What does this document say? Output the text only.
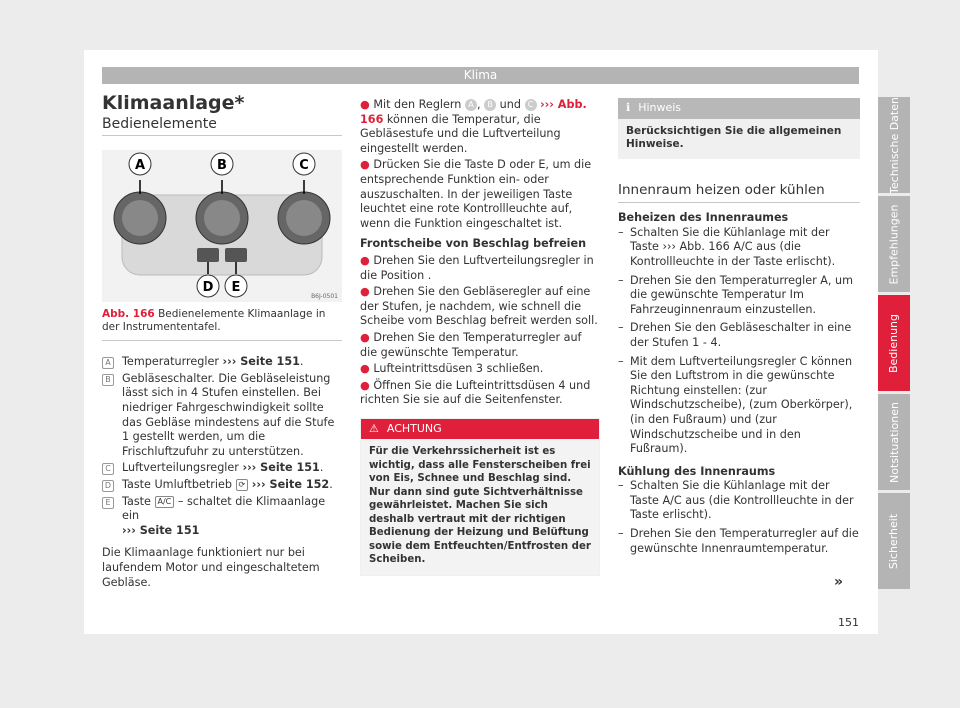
Klima
Klimaanlage*

Bedienelemente

A	B	C
D E
B6J-0501
Abb. 166 Bedienelemente Klimaanlage in der Instrumententafel.
A Temperaturregler ››› Seite 151.
B Gebläseschalter. Die Gebläseleistung lässt sich in 4 Stufen einstellen. Bei niedriger Fahrgeschwindigkeit sollte das Gebläse mindestens auf die Stufe 1 gestellt werden, um die Frischluftzufuhr zu unterstützen.
C Luftverteilungsregler ››› Seite 151.
D Taste Umluftbetrieb ⟳ ››› Seite 152.
E	Taste A/C – schaltet die Klimaanlage ein
››› Seite 151

Die Klimaanlage funktioniert nur bei laufendem Motor und eingeschaltetem Gebläse.

● Mit den Reglern A , B und C ››› Abb. 166 können die Temperatur, die Gebläsestufe und die Luftverteilung eingestellt werden.

● Drücken Sie die Taste D oder E, um die entsprechende Funktion ein- oder auszuschalten. In der jeweiligen Taste leuchtet eine rote Kontrollleuchte auf, wenn die Funktion eingeschaltet ist.

Frontscheibe von Beschlag befreien

● Drehen Sie den Luftverteilungsregler in die Position .

● Drehen Sie den Gebläseregler auf eine der Stufen, je nachdem, wie schnell die Scheibe vom Beschlag befreit werden soll.

● Drehen Sie den Temperaturregler auf die gewünschte Temperatur.

● Lufteintrittsdüsen 3 schließen.

● Öffnen Sie die Lufteintrittsdüsen 4 und richten Sie sie auf die Seitenfenster.

⚠ ACHTUNG
Für die Verkehrssicherheit ist es wichtig, dass alle Fensterscheiben frei von Eis, Schnee und Beschlag sind. Nur dann sind gute Sichtverhältnisse gewährleistet. Machen Sie sich deshalb vertraut mit der richtigen Bedienung der Heizung und Belüftung sowie dem Entfeuchten/Entfrosten der Scheiben.
ℹ Hinweis
Berücksichtigen Sie die allgemeinen Hinweise.

Innenraum heizen oder kühlen

Beheizen des Innenraumes

– Schalten Sie die Kühlanlage mit der Taste ››› Abb. 166 A/C aus (die Kontrollleuchte in der Taste erlischt).
– Drehen Sie den Temperaturregler A, um die gewünschte Temperatur Im Fahrzeuginnenraum einzustellen.
– Drehen Sie den Gebläseschalter in eine der Stufen 1 - 4.
– Mit dem Luftverteilungsregler C können Sie den Luftstrom in die gewünschte Richtung einstellen: (zur Windschutzscheibe), (zum Oberkörper), (in den Fußraum) und (zur Windschutzscheibe und in den Fußraum).

Kühlung des Innenraums

– Schalten Sie die Kühlanlage mit der Taste A/C aus (die Kontrollleuchte in der Taste erlischt).
– Drehen Sie den Temperaturregler auf die gewünschte Innenraumtemperatur.
Technische Daten
Empfehlungen
Bedienung
Notsituationen
Sicherheit
»
151
